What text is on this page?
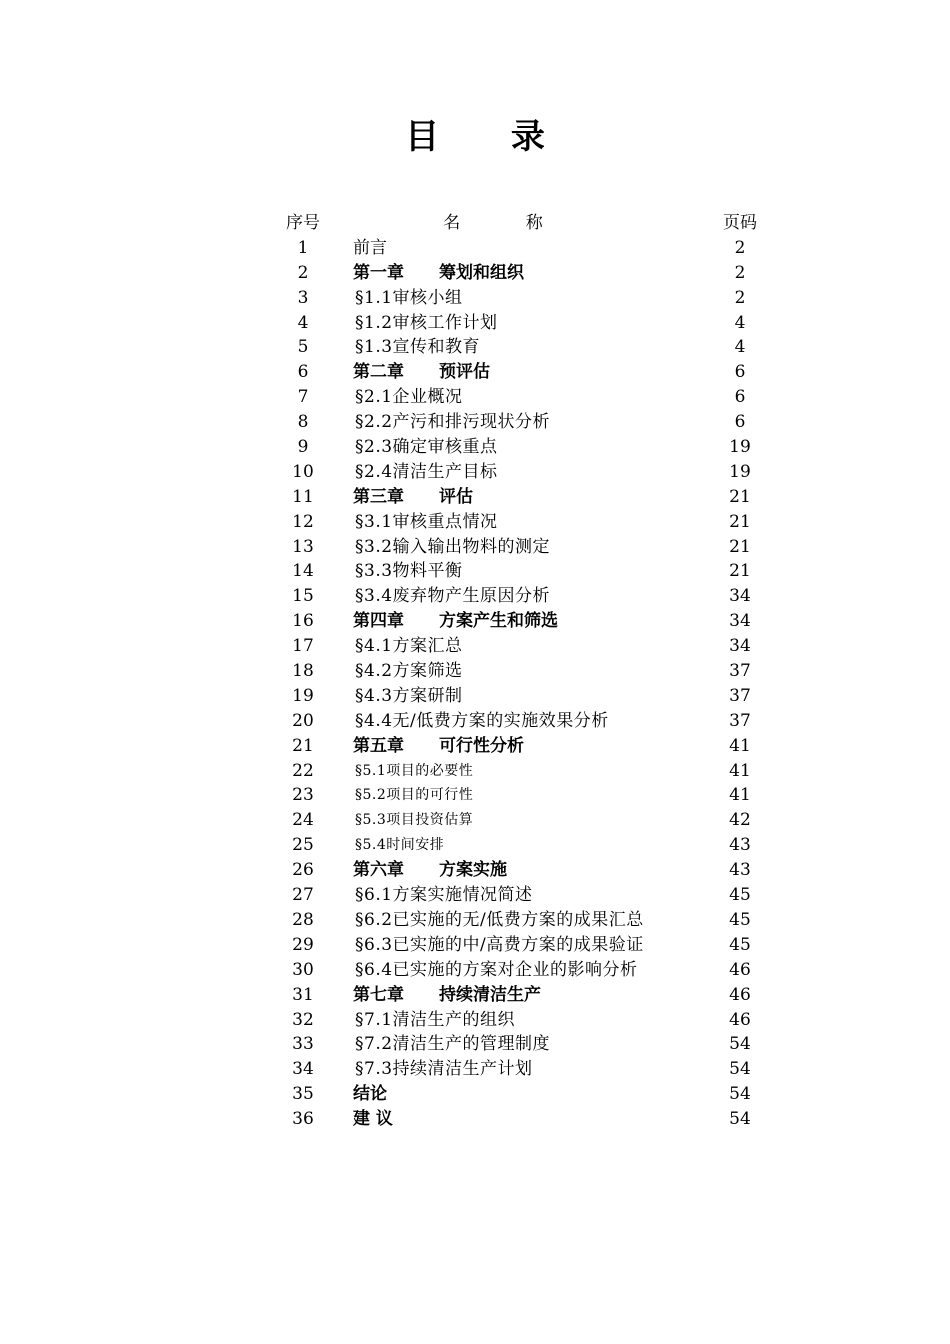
目 录
序号	名 称	页码
1	前言	2
2	第一章 筹划和组织	2
3	§1.1审核小组	2
4	§1.2审核工作计划	4
5	§1.3宣传和教育	4
6	第二章 预评估	6
7	§2.1企业概况	6
8	§2.2产污和排污现状分析	6
9	§2.3确定审核重点	19
10	§2.4清洁生产目标	19
11	第三章 评估	21
12	§3.1审核重点情况	21
13	§3.2输入输出物料的测定	21
14	§3.3物料平衡	21
15	§3.4废弃物产生原因分析	34
16	第四章 方案产生和筛选	34
17	§4.1方案汇总	34
18	§4.2方案筛选	37
19	§4.3方案研制	37
20	§4.4无/低费方案的实施效果分析	37
21	第五章 可行性分析	41
22	§5.1项目的必要性	41
23	§5.2项目的可行性	41
24	§5.3项目投资估算	42
25	§5.4时间安排	43
26	第六章 方案实施	43
27	§6.1方案实施情况简述	45
28	§6.2已实施的无/低费方案的成果汇总	45
29	§6.3已实施的中/高费方案的成果验证	45
30	§6.4已实施的方案对企业的影响分析	46
31	第七章 持续清洁生产	46
32	§7.1清洁生产的组织	46
33	§7.2清洁生产的管理制度	54
34	§7.3持续清洁生产计划	54
35	结论	54
36	建 议	54
